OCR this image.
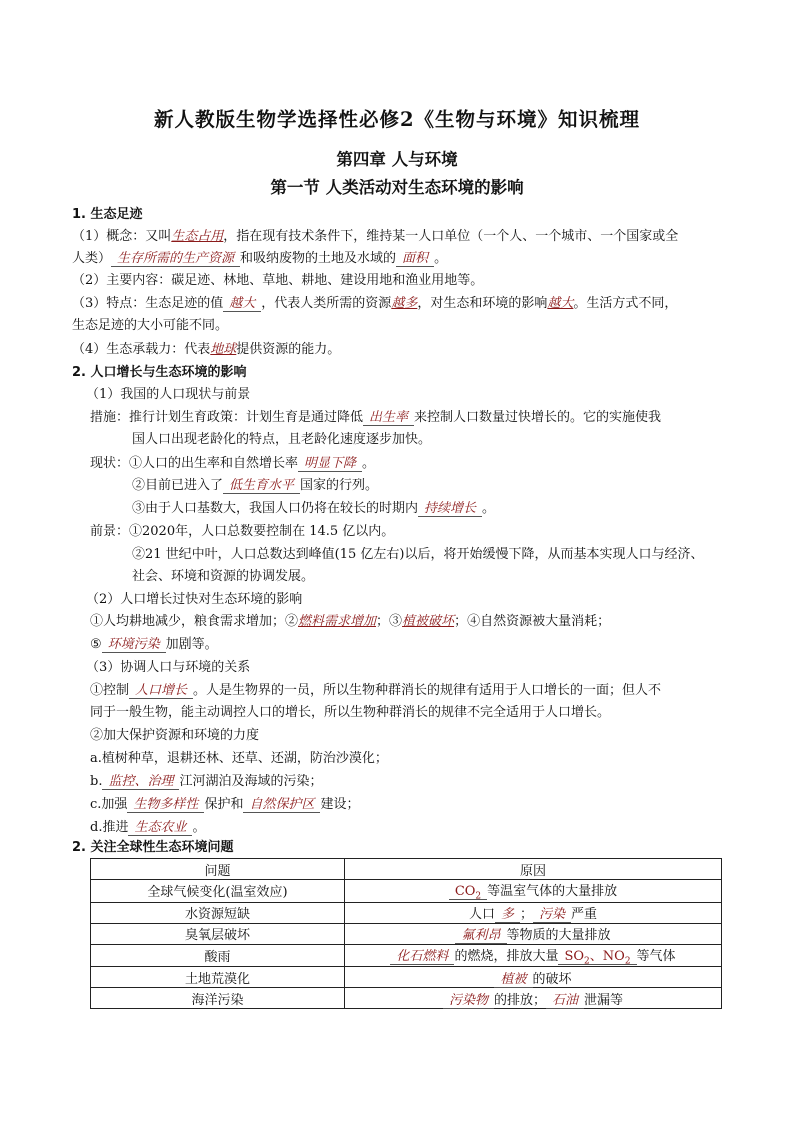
新人教版生物学选择性必修2《生物与环境》知识梳理
第四章 人与环境
第一节 人类活动对生态环境的影响
1. 生态足迹
（1）概念：又叫生态占用，指在现有技术条件下，维持某一人口单位（一个人、一个城市、一个国家或全
人类） 生存所需的生产资源 和吸纳废物的土地及水域的 面积 。
（2）主要内容：碳足迹、林地、草地、耕地、建设用地和渔业用地等。
（3）特点：生态足迹的值 越大 ，代表人类所需的资源越多，对生态和环境的影响越大。生活方式不同，
生态足迹的大小可能不同。
（4）生态承载力：代表地球提供资源的能力。
2. 人口增长与生态环境的影响
（1）我国的人口现状与前景
措施：推行计划生育政策：计划生育是通过降低 出生率 来控制人口数量过快增长的。它的实施使我
国人口出现老龄化的特点，且老龄化速度逐步加快。
现状：①人口的出生率和自然增长率 明显下降 。
②目前已进入了 低生育水平 国家的行列。
③由于人口基数大，我国人口仍将在较长的时期内 持续增长 。
前景：①2020年，人口总数要控制在 14.5 亿以内。
②21 世纪中叶，人口总数达到峰值(15 亿左右)以后，将开始缓慢下降，从而基本实现人口与经济、
社会、环境和资源的协调发展。
（2）人口增长过快对生态环境的影响
①人均耕地减少，粮食需求增加；②燃料需求增加；③植被破坏；④自然资源被大量消耗；
⑤ 环境污染 加剧等。
（3）协调人口与环境的关系
①控制 人口增长 。人是生物界的一员，所以生物种群消长的规律有适用于人口增长的一面；但人不
同于一般生物，能主动调控人口的增长，所以生物种群消长的规律不完全适用于人口增长。
②加大保护资源和环境的力度
a.植树种草，退耕还林、还草、还湖，防治沙漠化；
b. 监控、治理 江河湖泊及海域的污染；
c.加强 生物多样性 保护和 自然保护区 建设；
d.推进 生态农业 。
2. 关注全球性生态环境问题
问题	原因
全球气候变化(温室效应)	$CO_2$ 等温室气体的大量排放
水资源短缺	人口 多 ； 污染 严重
臭氧层破坏	氟利昂 等物质的大量排放
酸雨	化石燃料 的燃烧，排放大量 $SO_2$、$NO_2$ 等气体
土地荒漠化	植被 的破坏
海洋污染	污染物 的排放； 石油 泄漏等
